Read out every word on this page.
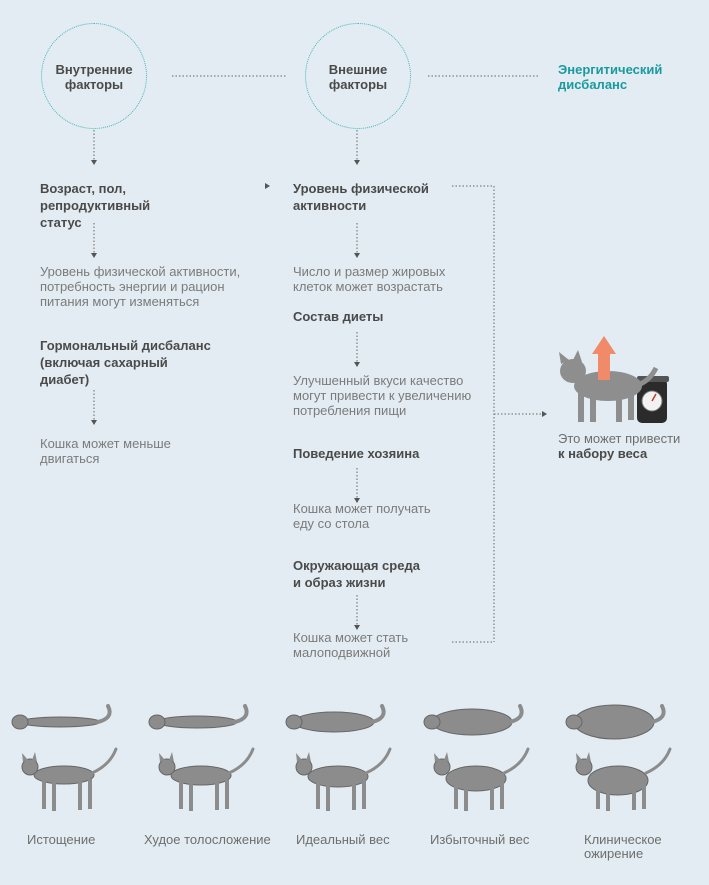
Внутренние
факторы
Внешние
факторы
Энергитический
дисбаланс
Возраст, пол,
репродуктивный
статус
Уровень физической активности,
потребность энергии и рацион
питания могут изменяться
Гормональный дисбаланс
(включая сахарный
диабет)
Кошка может меньше
двигаться
Уровень физической
активности
Число и размер жировых
клеток может возрастать
Состав диеты
Улучшенный вкуси качество
могут привести к увеличению
потребления пищи
Поведение хозяина
Кошка может получать
еду со стола
Окружающая среда
и образ жизни
Кошка может стать
малоподвижной
Это может привести
к набору веса
Истощение	Худое толосложение Идеальный вес	Избыточный вес	Клиническое
ожирение
